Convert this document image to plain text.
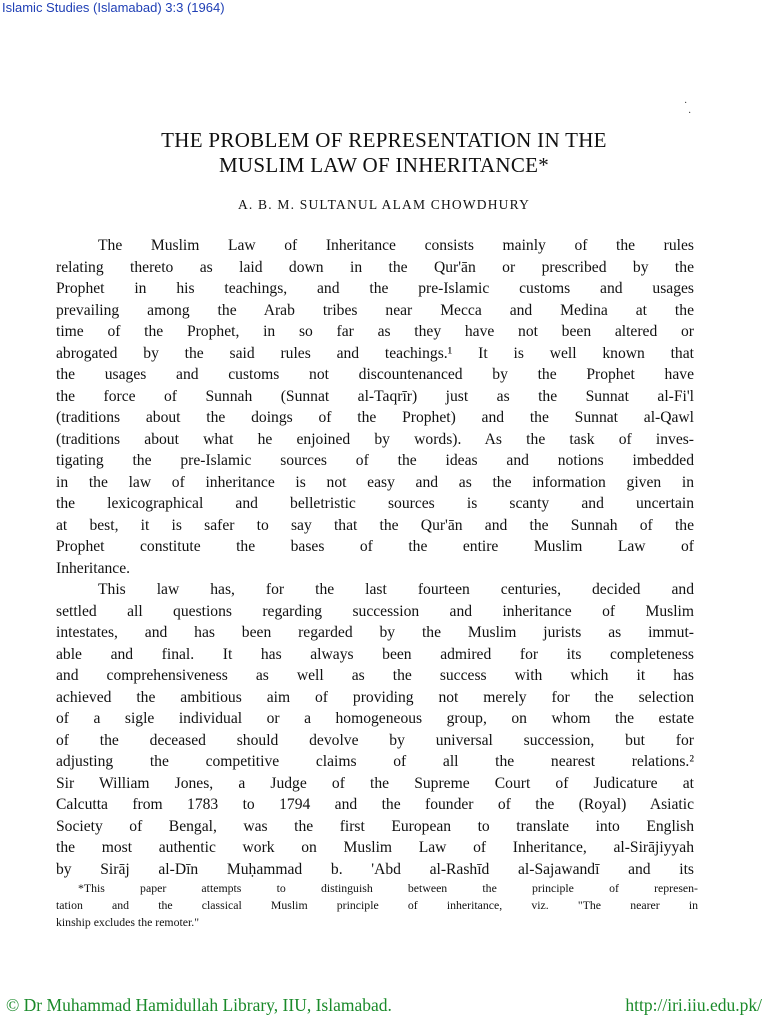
Islamic Studies (Islamabad) 3:3 (1964)
·
·
THE PROBLEM OF REPRESENTATION IN THE
MUSLIM LAW OF INHERITANCE*
A. B. M. SULTANUL ALAM CHOWDHURY
The Muslim Law of Inheritance consists mainly of the rules
relating thereto as laid down in the Qur'ān or prescribed by the
Prophet in his teachings, and the pre-Islamic customs and usages
prevailing among the Arab tribes near Mecca and Medina at the
time of the Prophet, in so far as they have not been altered or
abrogated by the said rules and teachings.¹ It is well known that
the usages and customs not discountenanced by the Prophet have
the force of Sunnah (Sunnat al-Taqrīr) just as the Sunnat al-Fi'l
(traditions about the doings of the Prophet) and the Sunnat al-Qawl
(traditions about what he enjoined by words). As the task of inves-
tigating the pre-Islamic sources of the ideas and notions imbedded
in the law of inheritance is not easy and as the information given in
the lexicographical and belletristic sources is scanty and uncertain
at best, it is safer to say that the Qur'ān and the Sunnah of the
Prophet constitute the bases of the entire Muslim Law of
Inheritance.
This law has, for the last fourteen centuries, decided and
settled all questions regarding succession and inheritance of Muslim
intestates, and has been regarded by the Muslim jurists as immut-
able and final. It has always been admired for its completeness
and comprehensiveness as well as the success with which it has
achieved the ambitious aim of providing not merely for the selection
of a sigle individual or a homogeneous group, on whom the estate
of the deceased should devolve by universal succession, but for
adjusting the competitive claims of all the nearest relations.²
Sir William Jones, a Judge of the Supreme Court of Judicature at
Calcutta from 1783 to 1794 and the founder of the (Royal) Asiatic
Society of Bengal, was the first European to translate into English
the most authentic work on Muslim Law of Inheritance, al-Sirājiyyah
by Sirāj al-Dīn Muḥammad b. 'Abd al-Rashīd al-Sajawandī and its
*This paper attempts to distinguish between the principle of represen-
tation and the classical Muslim principle of inheritance, viz. "The nearer in
kinship excludes the remoter."
© Dr Muhammad Hamidullah Library, IIU, Islamabad.	http://iri.iiu.edu.pk/
